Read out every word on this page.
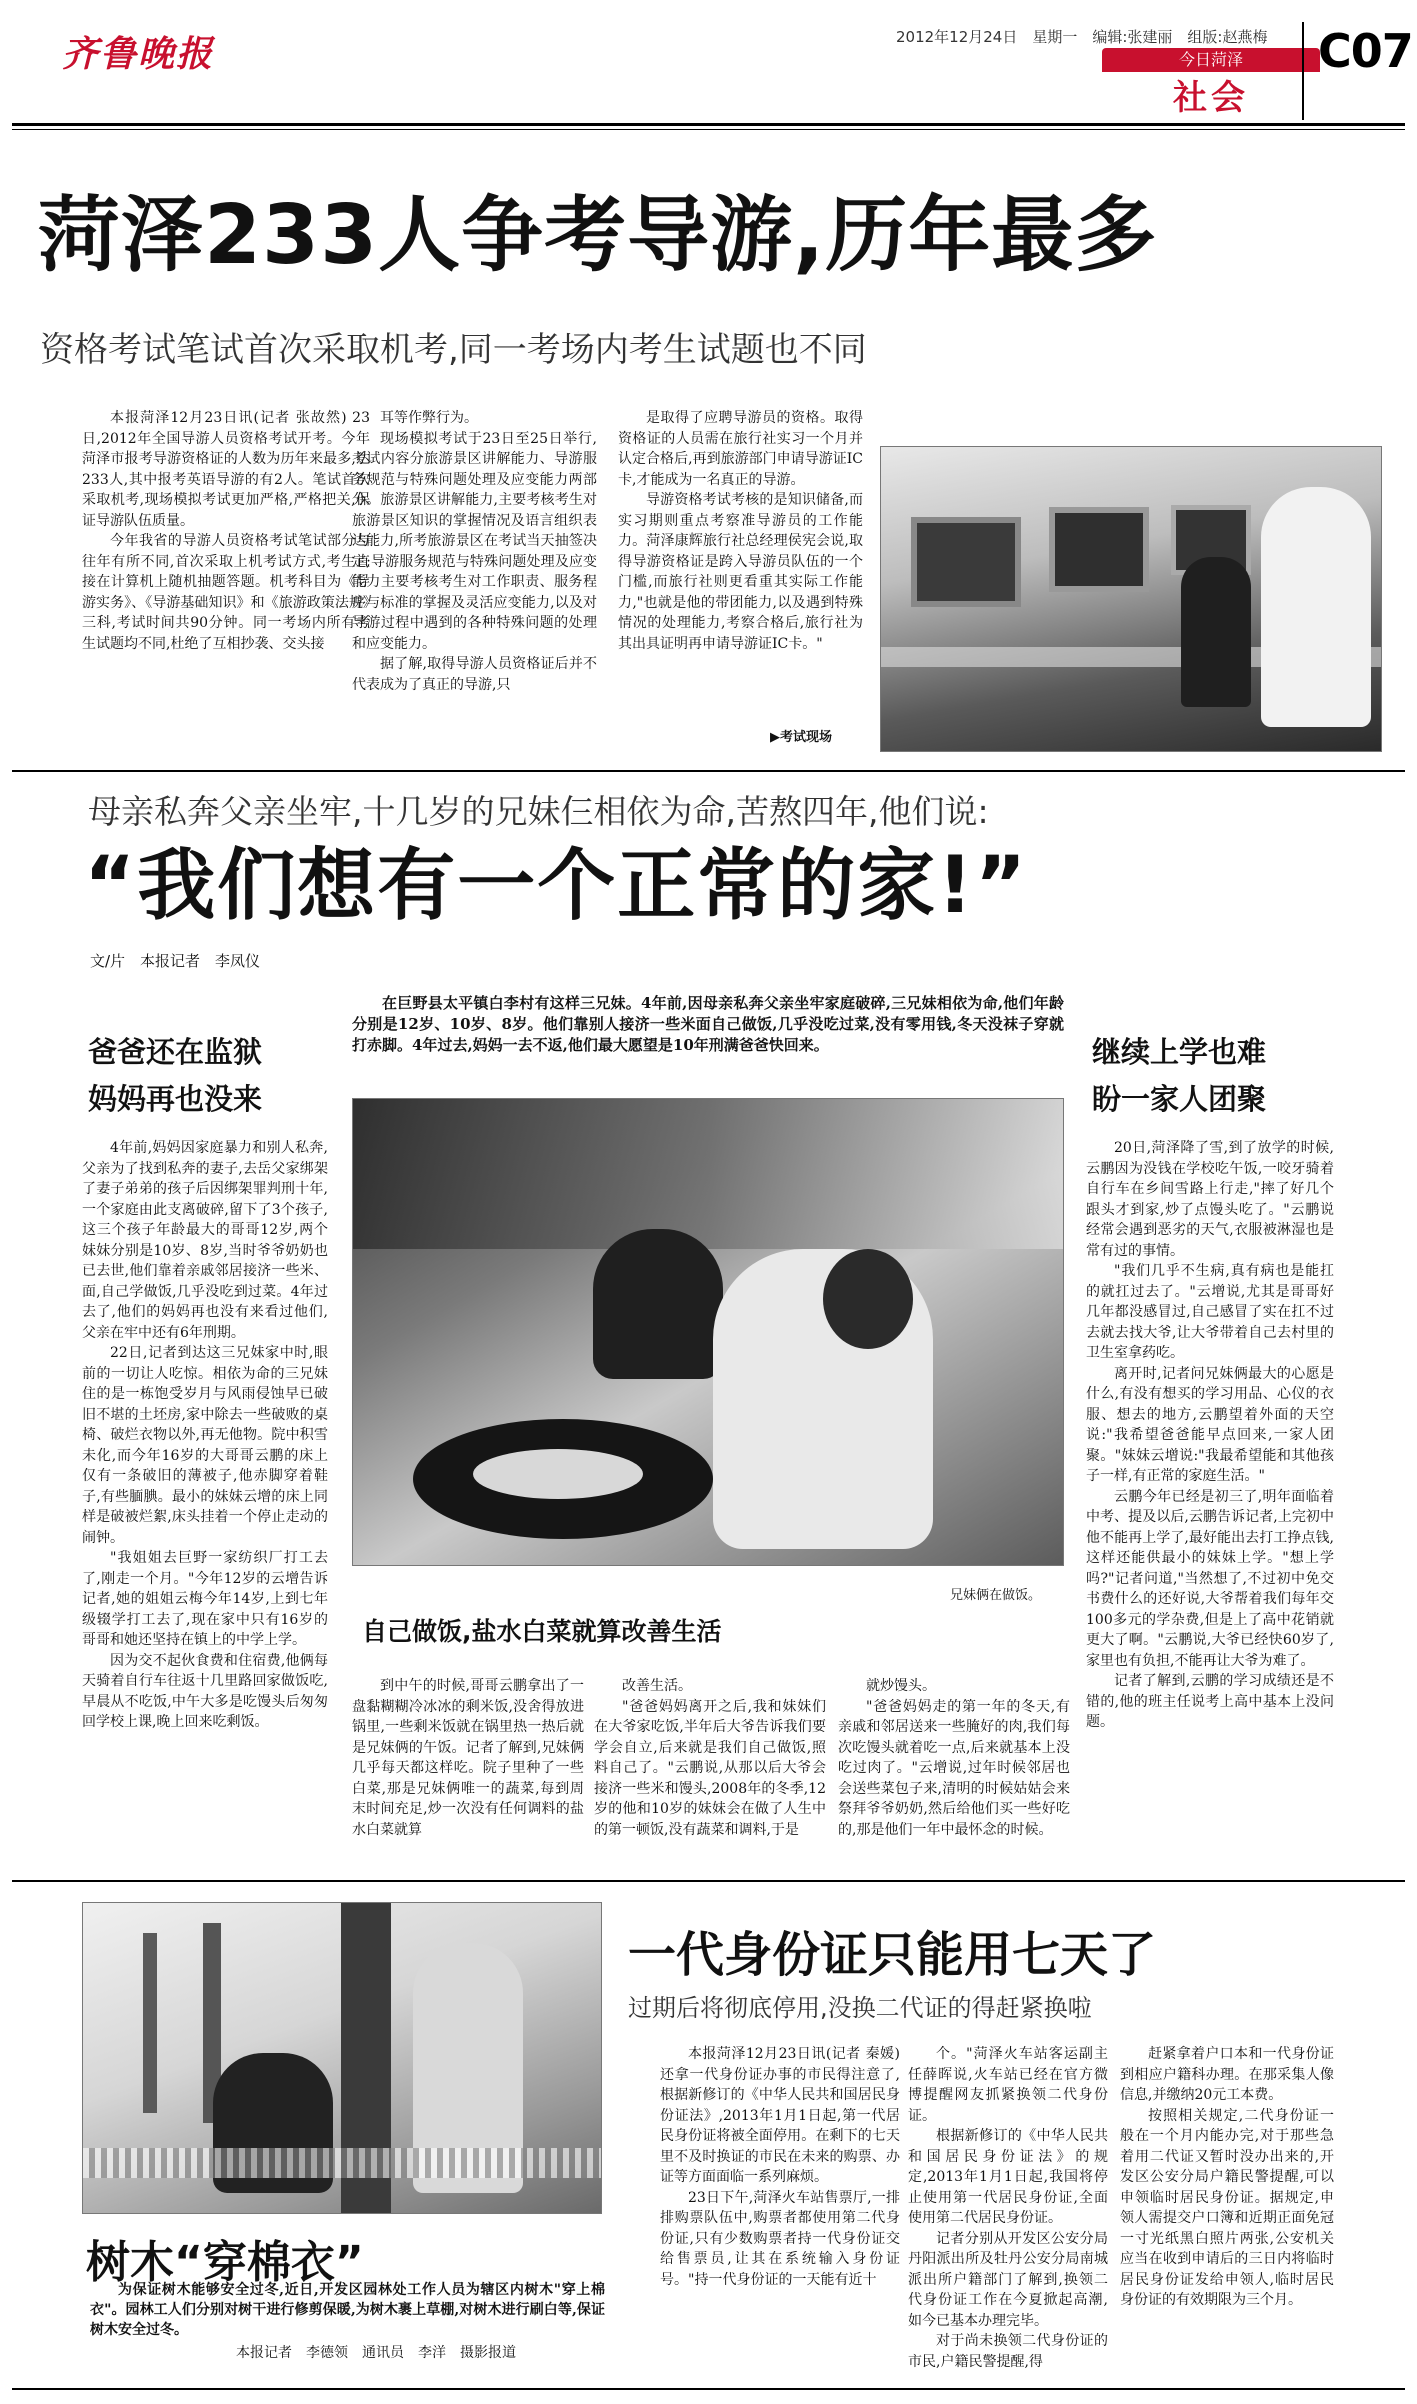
齐鲁晚报	2012年12月24日　星期一　编辑:张建丽　组版:赵燕梅
今日菏泽
社会
C07
菏泽233人争考导游,历年最多
资格考试笔试首次采取机考,同一考场内考生试题也不同

本报菏泽12月23日讯(记者 张故然) 23日,2012年全国导游人员资格考试开考。今年菏泽市报考导游资格证的人数为历年来最多,达233人,其中报考英语导游的有2人。笔试首次采取机考,现场模拟考试更加严格,严格把关,保证导游队伍质量。

今年我省的导游人员资格考试笔试部分与往年有所不同,首次采取上机考试方式,考生直接在计算机上随机抽题答题。机考科目为《导游实务》、《导游基础知识》和《旅游政策法规》三科,考试时间共90分钟。同一考场内所有考生试题均不同,杜绝了互相抄袭、交头接

耳等作弊行为。

现场模拟考试于23日至25日举行,考试内容分旅游景区讲解能力、导游服务规范与特殊问题处理及应变能力两部分。旅游景区讲解能力,主要考核考生对旅游景区知识的掌握情况及语言组织表达能力,所考旅游景区在考试当天抽签决定;导游服务规范与特殊问题处理及应变能力主要考核考生对工作职责、服务程序与标准的掌握及灵活应变能力,以及对导游过程中遇到的各种特殊问题的处理和应变能力。

据了解,取得导游人员资格证后并不代表成为了真正的导游,只

是取得了应聘导游员的资格。取得资格证的人员需在旅行社实习一个月并认定合格后,再到旅游部门申请导游证IC卡,才能成为一名真正的导游。

导游资格考试考核的是知识储备,而实习期则重点考察准导游员的工作能力。菏泽康辉旅行社总经理侯宪会说,取得导游资格证是跨入导游员队伍的一个门槛,而旅行社则更看重其实际工作能力,"也就是他的带团能力,以及遇到特殊情况的处理能力,考察合格后,旅行社为其出具证明再申请导游证IC卡。"

▶考试现场
母亲私奔父亲坐牢,十几岁的兄妹仨相依为命,苦熬四年,他们说:
“我们想有一个正常的家!”
文/片　本报记者　李凤仪
在巨野县太平镇白李村有这样三兄妹。4年前,因母亲私奔父亲坐牢家庭破碎,三兄妹相依为命,他们年龄分别是12岁、10岁、8岁。他们靠别人接济一些米面自己做饭,几乎没吃过菜,没有零用钱,冬天没袜子穿就打赤脚。4年过去,妈妈一去不返,他们最大愿望是10年刑满爸爸快回来。
爸爸还在监狱
妈妈再也没来

4年前,妈妈因家庭暴力和别人私奔,父亲为了找到私奔的妻子,去岳父家绑架了妻子弟弟的孩子后因绑架罪判刑十年,一个家庭由此支离破碎,留下了3个孩子,这三个孩子年龄最大的哥哥12岁,两个妹妹分别是10岁、8岁,当时爷爷奶奶也已去世,他们靠着亲戚邻居接济一些米、面,自己学做饭,几乎没吃到过菜。4年过去了,他们的妈妈再也没有来看过他们,父亲在牢中还有6年刑期。

22日,记者到达这三兄妹家中时,眼前的一切让人吃惊。相依为命的三兄妹住的是一栋饱受岁月与风雨侵蚀早已破旧不堪的土坯房,家中除去一些破败的桌椅、破烂衣物以外,再无他物。院中积雪未化,而今年16岁的大哥哥云鹏的床上仅有一条破旧的薄被子,他赤脚穿着鞋子,有些腼腆。最小的妹妹云增的床上同样是破被烂絮,床头挂着一个停止走动的闹钟。

"我姐姐去巨野一家纺织厂打工去了,刚走一个月。"今年12岁的云增告诉记者,她的姐姐云梅今年14岁,上到七年级辍学打工去了,现在家中只有16岁的哥哥和她还坚持在镇上的中学上学。

因为交不起伙食费和住宿费,他俩每天骑着自行车往返十几里路回家做饭吃,早晨从不吃饭,中午大多是吃馒头后匆匆回学校上课,晚上回来吃剩饭。

兄妹俩在做饭。
自己做饭,盐水白菜就算改善生活

到中午的时候,哥哥云鹏拿出了一盘黏糊糊冷冰冰的剩米饭,没舍得放进锅里,一些剩米饭就在锅里热一热后就是兄妹俩的午饭。记者了解到,兄妹俩几乎每天都这样吃。院子里种了一些白菜,那是兄妹俩唯一的蔬菜,每到周末时间充足,炒一次没有任何调料的盐水白菜就算

改善生活。

"爸爸妈妈离开之后,我和妹妹们在大爷家吃饭,半年后大爷告诉我们要学会自立,后来就是我们自己做饭,照料自己了。"云鹏说,从那以后大爷会接济一些米和馒头,2008年的冬季,12岁的他和10岁的妹妹会在做了人生中的第一顿饭,没有蔬菜和调料,于是

就炒馒头。

"爸爸妈妈走的第一年的冬天,有亲戚和邻居送来一些腌好的肉,我们每次吃馒头就着吃一点,后来就基本上没吃过肉了。"云增说,过年时候邻居也会送些菜包子来,清明的时候姑姑会来祭拜爷爷奶奶,然后给他们买一些好吃的,那是他们一年中最怀念的时候。

继续上学也难
盼一家人团聚

20日,菏泽降了雪,到了放学的时候,云鹏因为没钱在学校吃午饭,一咬牙骑着自行车在乡间雪路上行走,"摔了好几个跟头才到家,炒了点馒头吃了。"云鹏说经常会遇到恶劣的天气,衣服被淋湿也是常有过的事情。

"我们几乎不生病,真有病也是能扛的就扛过去了。"云增说,尤其是哥哥好几年都没感冒过,自己感冒了实在扛不过去就去找大爷,让大爷带着自己去村里的卫生室拿药吃。

离开时,记者问兄妹俩最大的心愿是什么,有没有想买的学习用品、心仪的衣服、想去的地方,云鹏望着外面的天空说:"我希望爸爸能早点回来,一家人团聚。"妹妹云增说:"我最希望能和其他孩子一样,有正常的家庭生活。"

云鹏今年已经是初三了,明年面临着中考、提及以后,云鹏告诉记者,上完初中他不能再上学了,最好能出去打工挣点钱,这样还能供最小的妹妹上学。"想上学吗?"记者问道,"当然想了,不过初中免交书费什么的还好说,大爷帮着我们每年交100多元的学杂费,但是上了高中花销就更大了啊。"云鹏说,大爷已经快60岁了,家里也有负担,不能再让大爷为难了。

记者了解到,云鹏的学习成绩还是不错的,他的班主任说考上高中基本上没问题。

树木“穿棉衣”
为保证树木能够安全过冬,近日,开发区园林处工作人员为辖区内树木"穿上棉衣"。园林工人们分别对树干进行修剪保暖,为树木裹上草棚,对树木进行刷白等,保证树木安全过冬。
本报记者　李德领　通讯员　李洋　摄影报道
一代身份证只能用七天了
过期后将彻底停用,没换二代证的得赶紧换啦

本报菏泽12月23日讯(记者 秦媛) 还拿一代身份证办事的市民得注意了,根据新修订的《中华人民共和国居民身份证法》,2013年1月1日起,第一代居民身份证将被全面停用。在剩下的七天里不及时换证的市民在未来的购票、办证等方面面临一系列麻烦。

23日下午,菏泽火车站售票厅,一排排购票队伍中,购票者都使用第二代身份证,只有少数购票者持一代身份证交给售票员,让其在系统输入身份证号。"持一代身份证的一天能有近十

个。"菏泽火车站客运副主任薛晖说,火车站已经在官方微博提醒网友抓紧换领二代身份证。

根据新修订的《中华人民共和国居民身份证法》的规定,2013年1月1日起,我国将停止使用第一代居民身份证,全面使用第二代居民身份证。

记者分别从开发区公安分局丹阳派出所及牡丹公安分局南城派出所户籍部门了解到,换领二代身份证工作在今夏掀起高潮,如今已基本办理完毕。

对于尚未换领二代身份证的市民,户籍民警提醒,得

赶紧拿着户口本和一代身份证到相应户籍科办理。在那采集人像信息,并缴纳20元工本费。

按照相关规定,二代身份证一般在一个月内能办完,对于那些急着用二代证又暂时没办出来的,开发区公安分局户籍民警提醒,可以申领临时居民身份证。据规定,申领人需提交户口簿和近期正面免冠一寸光纸黑白照片两张,公安机关应当在收到申请后的三日内将临时居民身份证发给申领人,临时居民身份证的有效期限为三个月。
